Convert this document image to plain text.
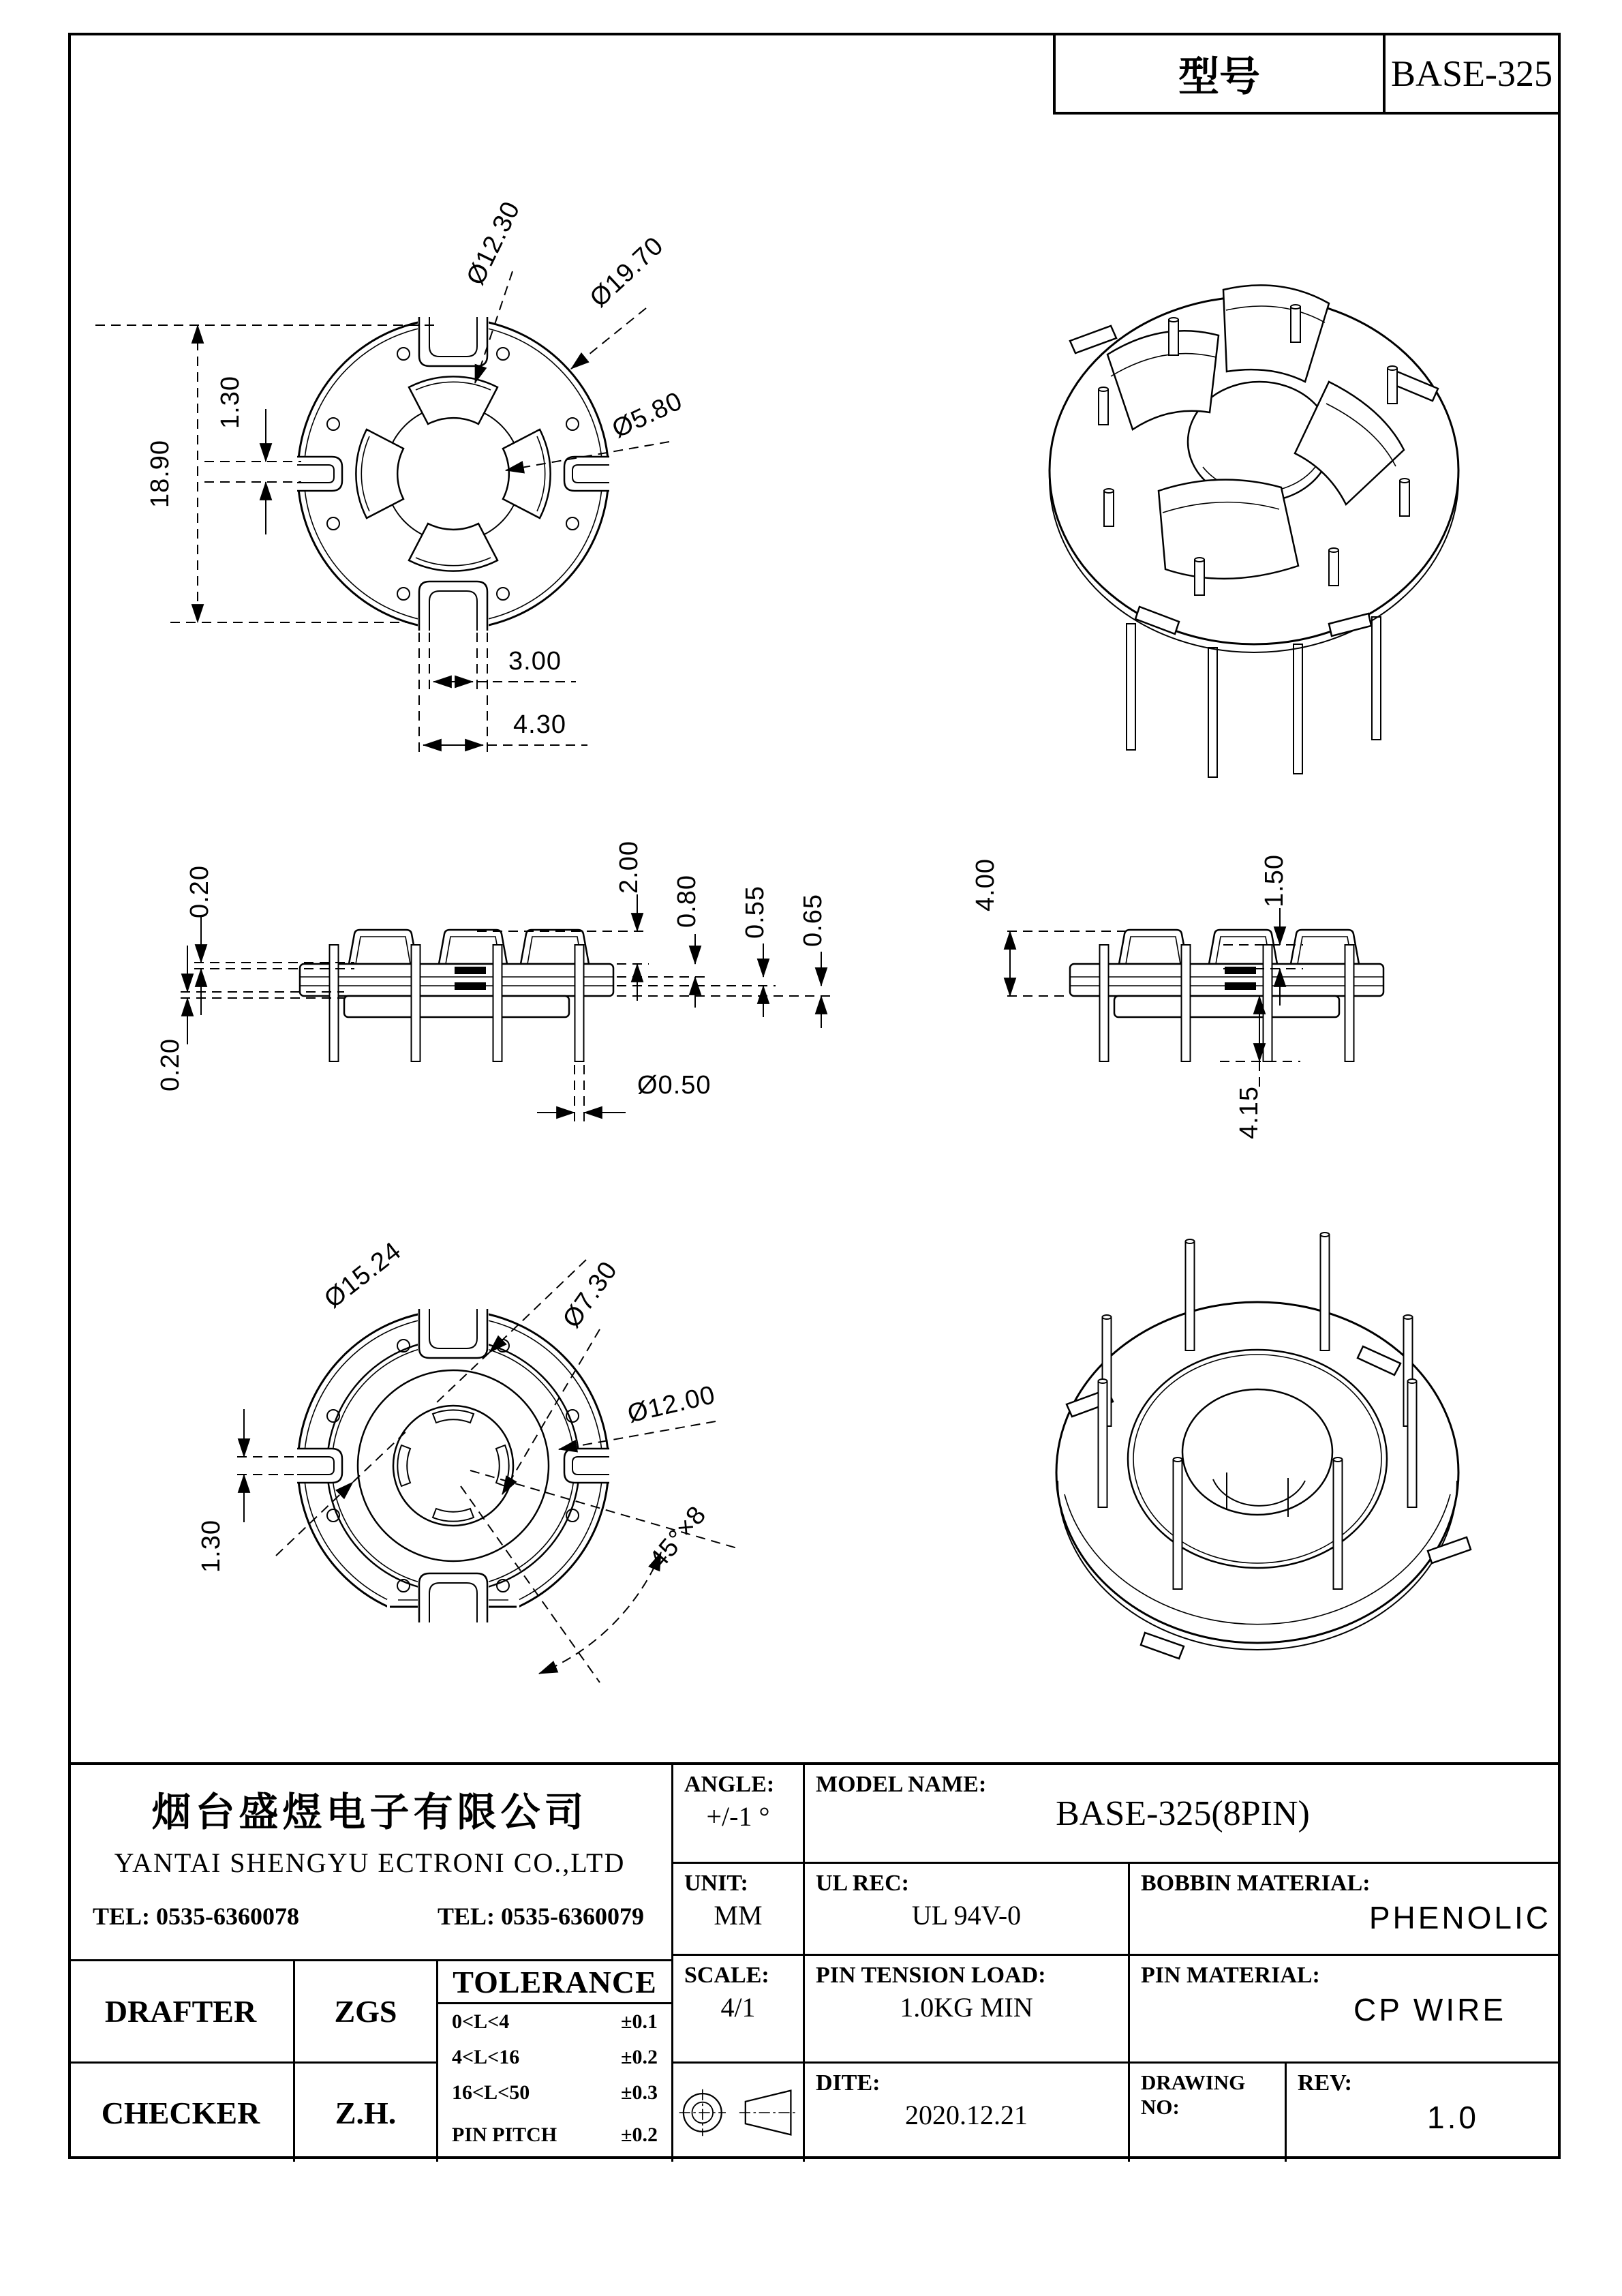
18.90
1.30
Ø12.30 Ø19.70
Ø5.80
3.00
4.30
0.20
0.20
2.00
0.80 0.55 0.65
Ø0.50
4.00	1.50
4.15
Ø15.24	Ø7.30
Ø12.00
45°×8
1.30
型号	BASE-325
烟台盛煜电子有限公司
YANTAI SHENGYU ECTRONI CO.,LTD
TEL: 0535-6360078	TEL: 0535-6360079
DRAFTER ZGS
CHECKER Z.H.
TOLERANCE
0<L<4	±0.1
4<L<16	±0.2
16<L<50	±0.3
PIN PITCH	±0.2
ANGLE:
+/-1 °
UNIT:
MM
SCALE:
4/1
MODEL NAME:
BASE-325(8PIN)
UL REC:
UL 94V-0
BOBBIN MATERIAL:
PHENOLIC
PIN TENSION LOAD:
1.0KG MIN
PIN MATERIAL:
CP WIRE
DITE:
2020.12.21
DRAWING NO:
REV:
1.0
